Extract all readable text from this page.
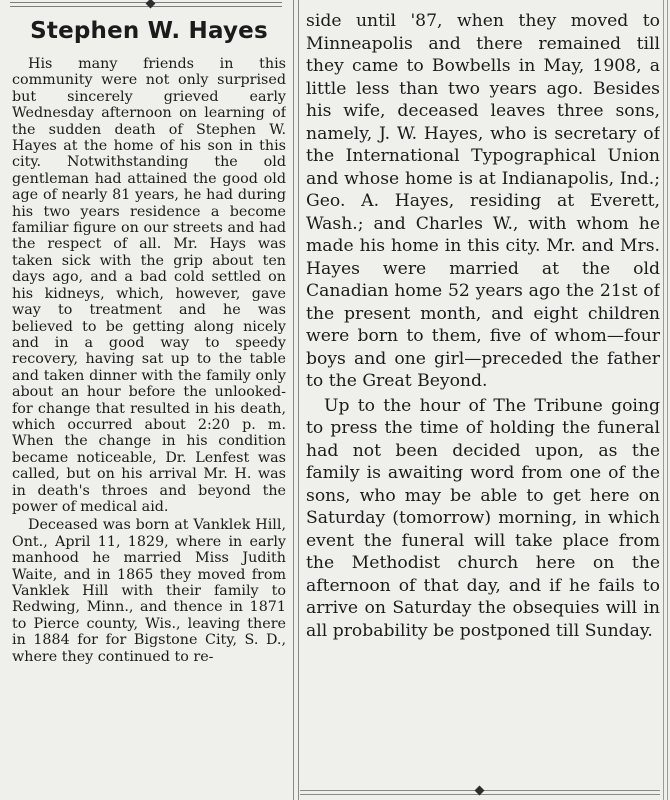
Stephen W. Hayes

His many friends in this community were not only surprised but sincerely grieved early Wednesday afternoon on learning of the sudden death of Stephen W. Hayes at the home of his son in this city. Notwithstanding the old gentleman had attained the good old age of nearly 81 years, he had during his two years residence a become familiar figure on our streets and had the respect of all. Mr. Hays was taken sick with the grip about ten days ago, and a bad cold settled on his kidneys, which, however, gave way to treatment and he was believed to be getting along nicely and in a good way to speedy recovery, having sat up to the table and taken dinner with the family only about an hour before the unlooked-for change that resulted in his death, which occurred about 2:20 p. m. When the change in his condition became noticeable, Dr. Lenfest was called, but on his arrival Mr. H. was in death's throes and beyond the power of medical aid.

Deceased was born at Vanklek Hill, Ont., April 11, 1829, where in early manhood he married Miss Judith Waite, and in 1865 they moved from Vanklek Hill with their family to Redwing, Minn., and thence in 1871 to Pierce county, Wis., leaving there in 1884 for for Bigstone City, S. D., where they continued to re-

side until '87, when they moved to Minneapolis and there remained till they came to Bowbells in May, 1908, a little less than two years ago. Besides his wife, deceased leaves three sons, namely, J. W. Hayes, who is secretary of the International Typographical Union and whose home is at Indianapolis, Ind.; Geo. A. Hayes, residing at Everett, Wash.; and Charles W., with whom he made his home in this city. Mr. and Mrs. Hayes were married at the old Canadian home 52 years ago the 21st of the present month, and eight children were born to them, five of whom—four boys and one girl—preceded the father to the Great Beyond.

Up to the hour of The Tribune going to press the time of holding the funeral had not been decided upon, as the family is awaiting word from one of the sons, who may be able to get here on Saturday (tomorrow) morning, in which event the funeral will take place from the Methodist church here on the afternoon of that day, and if he fails to arrive on Saturday the obsequies will in all probability be postponed till Sunday.
